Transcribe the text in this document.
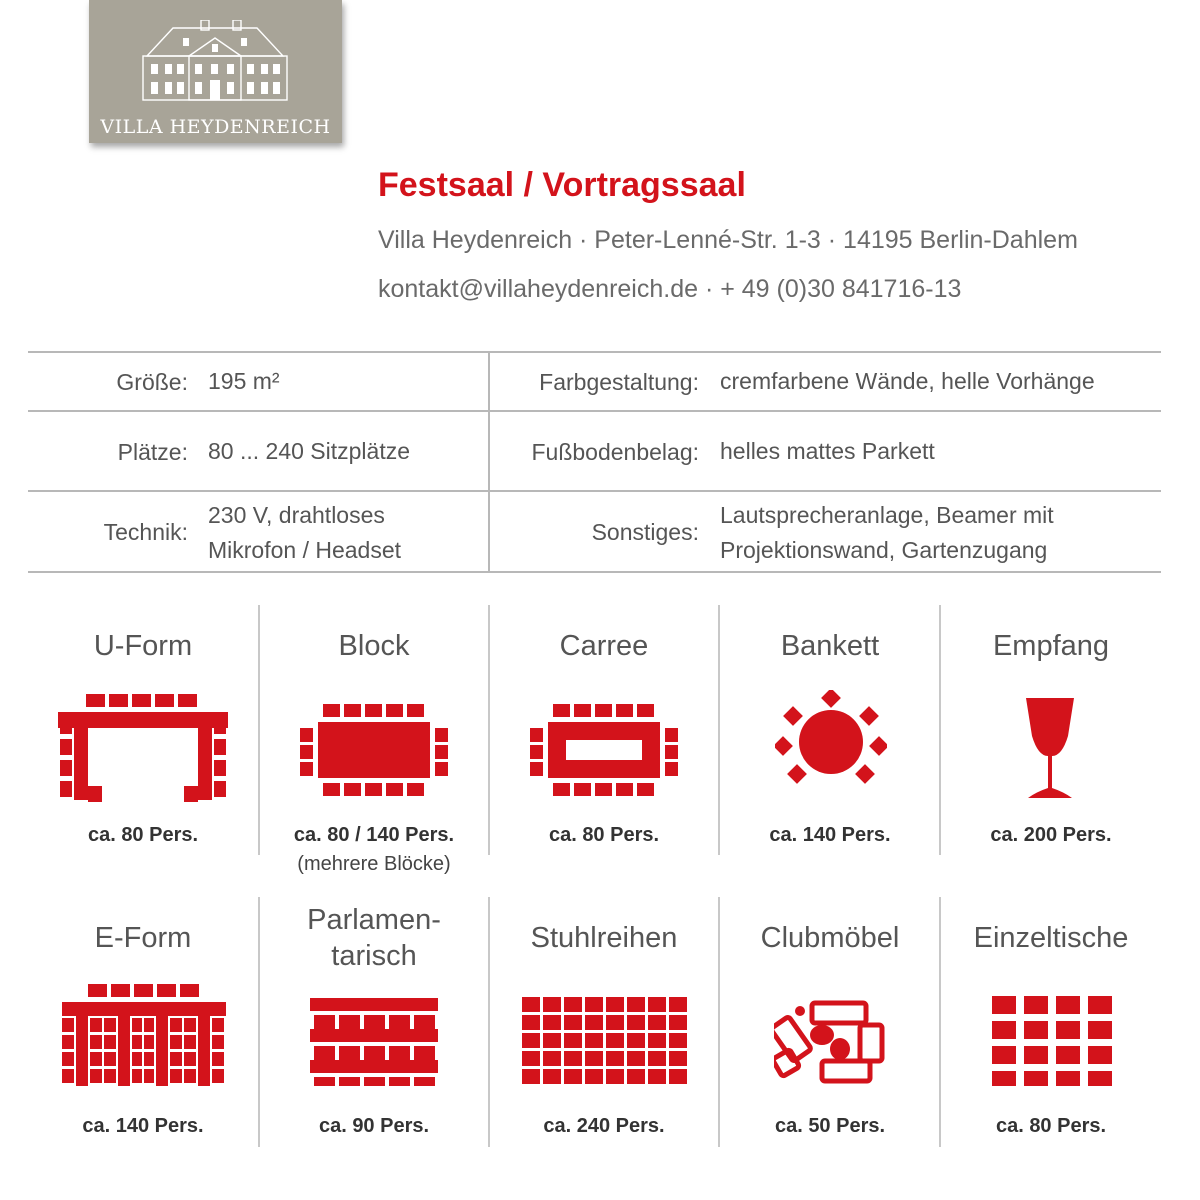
VILLA HEYDENREICH
Festsaal / Vortragssaal
Villa Heydenreich · Peter-Lenné-Str. 1-3 · 14195 Berlin-Dahlem
kontakt@villaheydenreich.de · + 49 (0)30 841716-13
Größe: 195 m²
Plätze: 80 ... 240 Sitzplätze
Technik:
230 V, drahtloses
Mikrofon / Headset
Farbgestaltung: cremfarbene Wände, helle Vorhänge
Fußbodenbelag: helles mattes Parkett
Sonstiges:
Lautsprecheranlage, Beamer mit
Projektionswand, Gartenzugang
U-Form
ca. 80 Pers.
Block
ca. 80 / 140 Pers.
(mehrere Blöcke)
Carree
ca. 80 Pers.
Bankett
ca. 140 Pers.
Empfang
ca. 200 Pers.
E-Form
ca. 140 Pers.
Parlamen-
tarisch
ca. 90 Pers.
Stuhlreihen
ca. 240 Pers.
Clubmöbel
ca. 50 Pers.
Einzeltische
ca. 80 Pers.
